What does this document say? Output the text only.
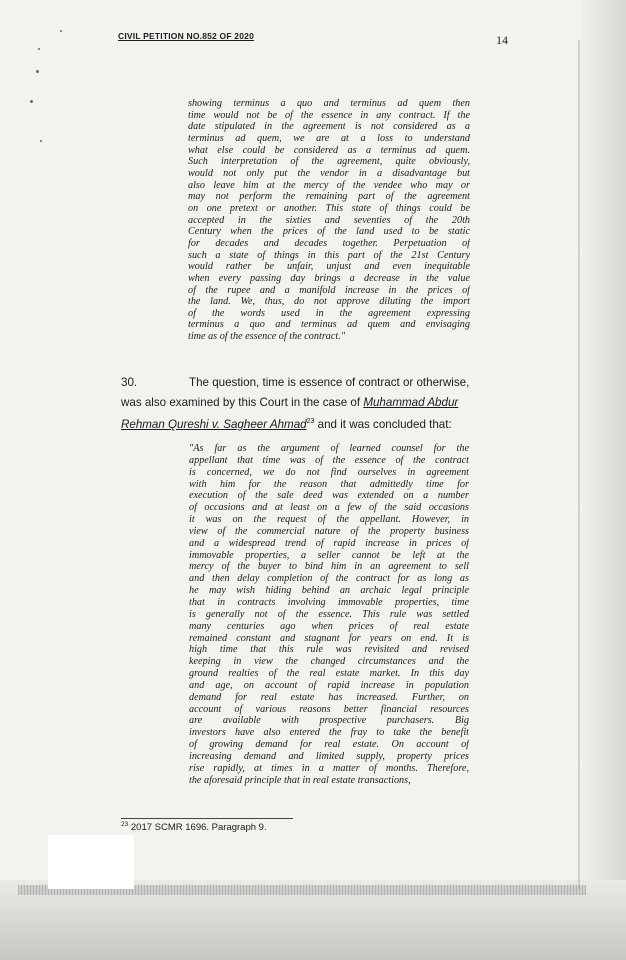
CIVIL PETITION NO.852 OF 2020	14
showing terminus a quo and terminus ad quem then
time would not be of the essence in any contract. If the
date stipulated in the agreement is not considered as a
terminus ad quem, we are at a loss to understand
what else could be considered as a terminus ad quem.
Such interpretation of the agreement, quite obviously,
would not only put the vendor in a disadvantage but
also leave him at the mercy of the vendee who may or
may not perform the remaining part of the agreement
on one pretext or another. This state of things could be
accepted in the sixties and seventies of the 20th
Century when the prices of the land used to be static
for decades and decades together. Perpetuation of
such a state of things in this part of the 21st Century
would rather be unfair, unjust and even inequitable
when every passing day brings a decrease in the value
of the rupee and a manifold increase in the prices of
the land. We, thus, do not approve diluting the import
of the words used in the agreement expressing
terminus a quo and terminus ad quem and envisaging
time as of the essence of the contract."
30.	The question, time is essence of contract or otherwise,
was also examined by this Court in the case of Muhammad Abdur
Rehman Qureshi v. Sagheer Ahmad$^{23}$ and it was concluded that:
"As far as the argument of learned counsel for the
appellant that time was of the essence of the contract
is concerned, we do not find ourselves in agreement
with him for the reason that admittedly time for
execution of the sale deed was extended on a number
of occasions and at least on a few of the said occasions
it was on the request of the appellant. However, in
view of the commercial nature of the property business
and a widespread trend of rapid increase in prices of
immovable properties, a seller cannot be left at the
mercy of the buyer to bind him in an agreement to sell
and then delay completion of the contract for as long as
he may wish hiding behind an archaic legal principle
that in contracts involving immovable properties, time
is generally not of the essence. This rule was settled
many centuries ago when prices of real estate
remained constant and stagnant for years on end. It is
high time that this rule was revisited and revised
keeping in view the changed circumstances and the
ground realties of the real estate market. In this day
and age, on account of rapid increase in population
demand for real estate has increased. Further, on
account of various reasons better financial resources
are available with prospective purchasers. Big
investors have also entered the fray to take the benefit
of growing demand for real estate. On account of
increasing demand and limited supply, property prices
rise rapidly, at times in a matter of months. Therefore,
the aforesaid principle that in real estate transactions,
$^{23}$ 2017 SCMR 1696. Paragraph 9.
